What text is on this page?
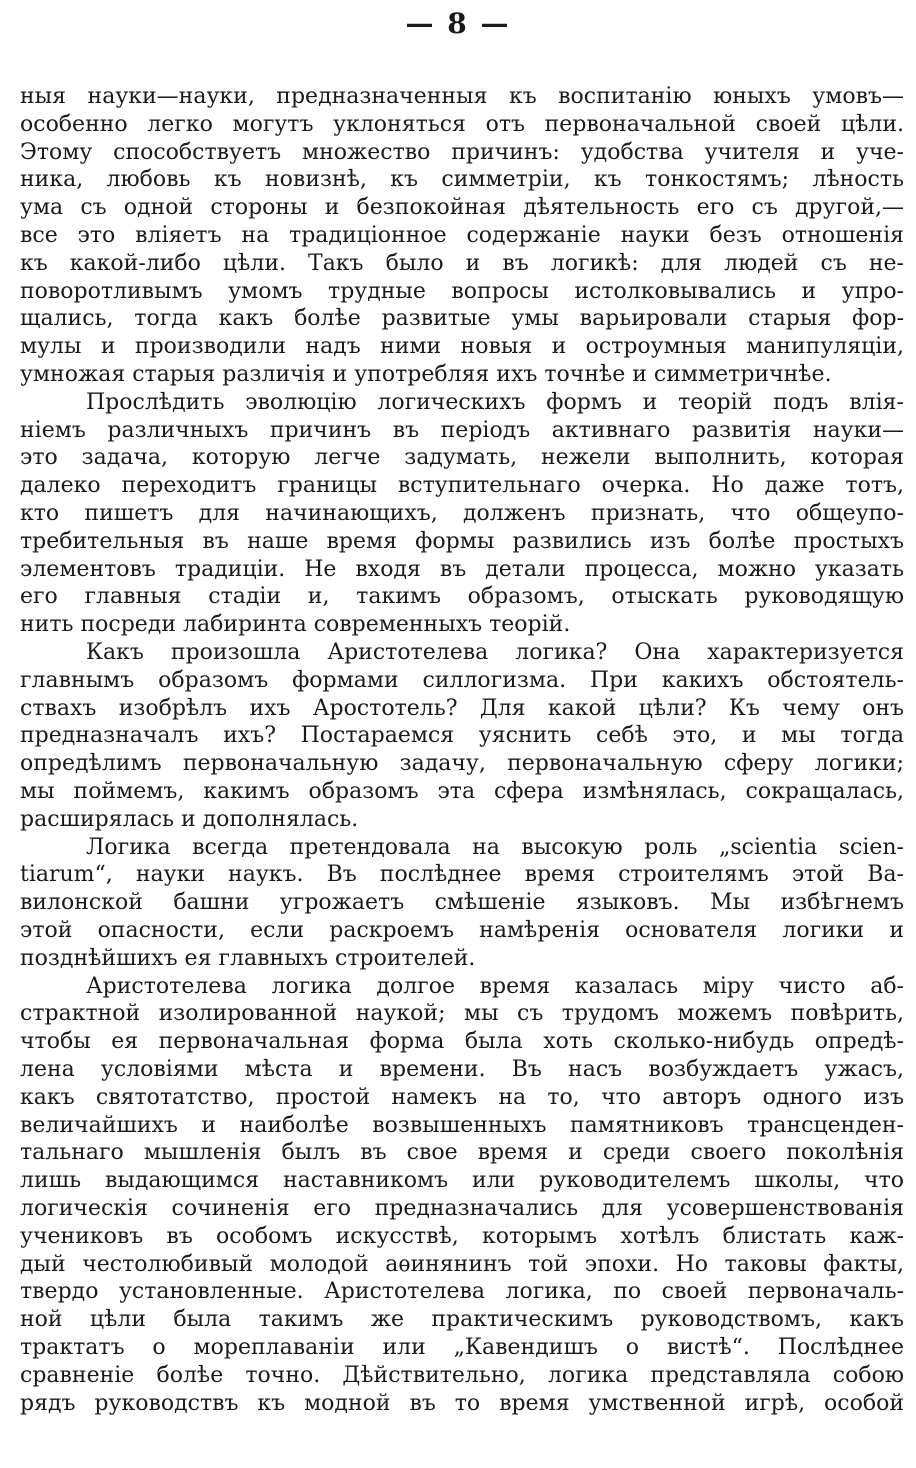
— 8 —
ныя науки—науки, предназначенныя къ воспитанію юныхъ умовъ—
особенно легко могутъ уклоняться отъ первоначальной своей цѣли.
Этому способствуетъ множество причинъ: удобства учителя и уче-
ника, любовь къ новизнѣ, къ симметріи, къ тонкостямъ; лѣность
ума съ одной стороны и безпокойная дѣятельность его съ другой,—
все это вліяетъ на традиціонное содержаніе науки безъ отношенія
къ какой-либо цѣли. Такъ было и въ логикѣ: для людей съ не-
поворотливымъ умомъ трудные вопросы истолковывались и упро-
щались, тогда какъ болѣе развитые умы варьировали старыя фор-
мулы и производили надъ ними новыя и остроумныя манипуляціи,
умножая старыя различія и употребляя ихъ точнѣе и симметричнѣе.
Прослѣдить эволюцію логическихъ формъ и теорій подъ влія-
ніемъ различныхъ причинъ въ періодъ активнаго развитія науки—
это задача, которую легче задумать, нежели выполнить, которая
далеко переходитъ границы вступительнаго очерка. Но даже тотъ,
кто пишетъ для начинающихъ, долженъ признать, что общеупо-
требительныя въ наше время формы развились изъ болѣе простыхъ
элементовъ традиціи. Не входя въ детали процесса, можно указать
его главныя стадіи и, такимъ образомъ, отыскать руководящую
нить посреди лабиринта современныхъ теорій.
Какъ произошла Аристотелева логика? Она характеризуется
главнымъ образомъ формами силлогизма. При какихъ обстоятель-
ствахъ изобрѣлъ ихъ Аростотель? Для какой цѣли? Къ чему онъ
предназначалъ ихъ? Постараемся уяснить себѣ это, и мы тогда
опредѣлимъ первоначальную задачу, первоначальную сферу логики;
мы поймемъ, какимъ образомъ эта сфера измѣнялась, сокращалась,
расширялась и дополнялась.
Логика всегда претендовала на высокую роль „scientia scien-
tiarum“, науки наукъ. Въ послѣднее время строителямъ этой Ва-
вилонской башни угрожаетъ смѣшеніе языковъ. Мы избѣгнемъ
этой опасности, если раскроемъ намѣренія основателя логики и
позднѣйшихъ ея главныхъ строителей.
Аристотелева логика долгое время казалась міру чисто аб-
страктной изолированной наукой; мы съ трудомъ можемъ повѣрить,
чтобы ея первоначальная форма была хоть сколько-нибудь опредѣ-
лена условіями мѣста и времени. Въ насъ возбуждаетъ ужасъ,
какъ святотатство, простой намекъ на то, что авторъ одного изъ
величайшихъ и наиболѣе возвышенныхъ памятниковъ трансценден-
тальнаго мышленія былъ въ свое время и среди своего поколѣнія
лишь выдающимся наставникомъ или руководителемъ школы, что
логическія сочиненія его предназначались для усовершенствованія
учениковъ въ особомъ искусствѣ, которымъ хотѣлъ блистать каж-
дый честолюбивый молодой аѳинянинъ той эпохи. Но таковы факты,
твердо установленные. Аристотелева логика, по своей первоначаль-
ной цѣли была такимъ же практическимъ руководствомъ, какъ
трактатъ о мореплаваніи или „Кавендишъ о вистѣ“. Послѣднее
сравненіе болѣе точно. Дѣйствительно, логика представляла собою
рядъ руководствъ къ модной въ то время умственной игрѣ, особой
